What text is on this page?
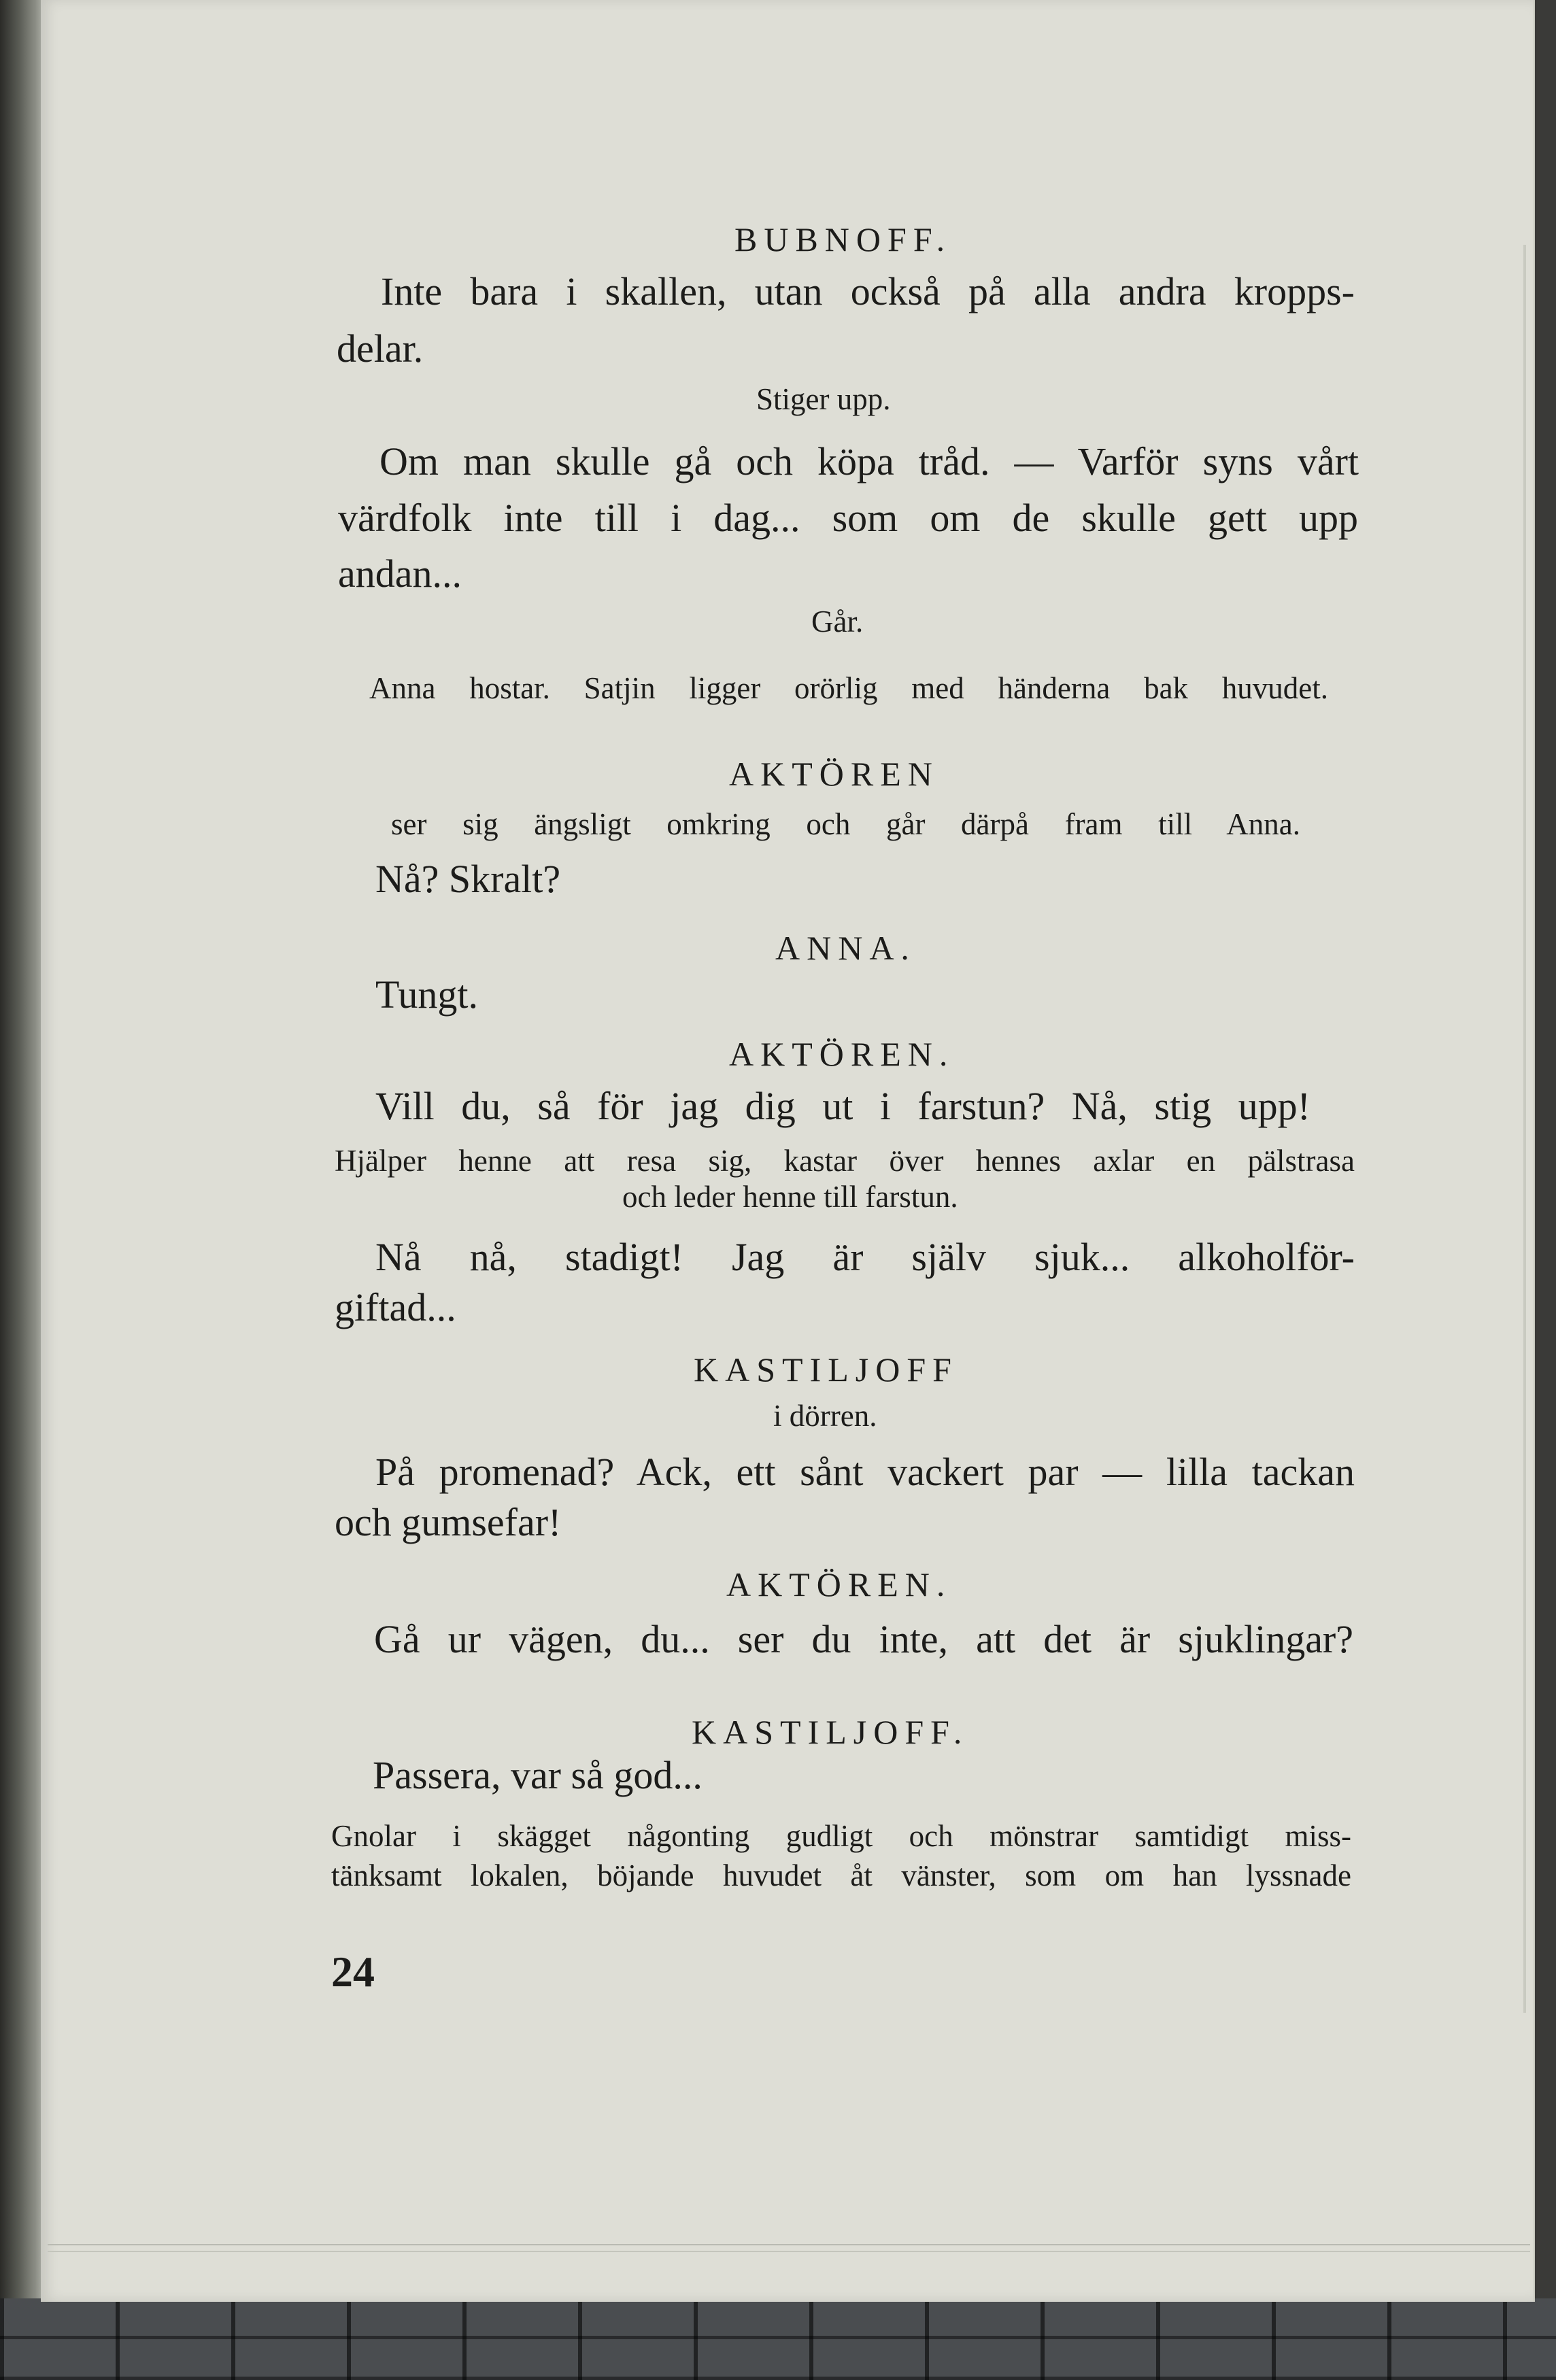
BUBNOFF.
Inte bara i skallen, utan också på alla andra kropps-
delar.
Stiger upp.
Om man skulle gå och köpa tråd. — Varför syns vårt
värdfolk inte till i dag... som om de skulle gett upp
andan...
Går.
Anna hostar. Satjin ligger orörlig med händerna bak huvudet.
AKTÖREN
ser sig ängsligt omkring och går därpå fram till Anna.
Nå? Skralt?
ANNA.
Tungt.
AKTÖREN.
Vill du, så för jag dig ut i farstun? Nå, stig upp!
Hjälper henne att resa sig, kastar över hennes axlar en pälstrasa
och leder henne till farstun.
Nå nå, stadigt! Jag är själv sjuk... alkoholför-
giftad...
KASTILJOFF
i dörren.
På promenad? Ack, ett sånt vackert par — lilla tackan
och gumsefar!
AKTÖREN.
Gå ur vägen, du... ser du inte, att det är sjuklingar?
KASTILJOFF.
Passera, var så god...
Gnolar i skägget någonting gudligt och mönstrar samtidigt miss-
tänksamt lokalen, böjande huvudet åt vänster, som om han lyssnade
24
